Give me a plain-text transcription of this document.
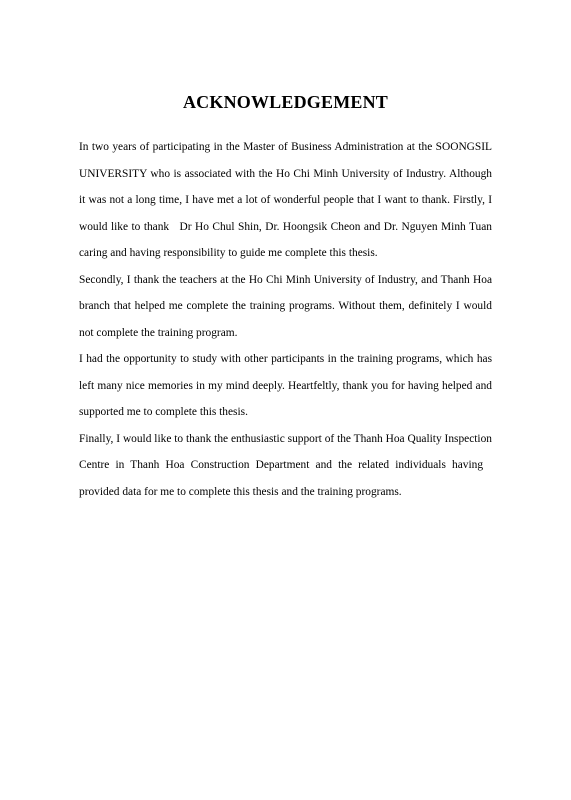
ACKNOWLEDGEMENT

In two years of participating in the Master of Business Administration at the SOONGSIL UNIVERSITY who is associated with the Ho Chi Minh University of Industry. Although it was not a long time, I have met a lot of wonderful people that I want to thank. Firstly, I would like to thank   Dr Ho Chul Shin, Dr. Hoongsik Cheon and Dr. Nguyen Minh Tuan caring and having responsibility to guide me complete this thesis.

Secondly, I thank the teachers at the Ho Chi Minh University of Industry, and Thanh Hoa branch that helped me complete the training programs. Without them, definitely I would not complete the training program.

I had the opportunity to study with other participants in the training programs, which has left many nice memories in my mind deeply. Heartfeltly, thank you for having helped and supported me to complete this thesis.

Finally, I would like to thank the enthusiastic support of the Thanh Hoa Quality Inspection Centre in Thanh Hoa Construction Department and the related individuals having   provided data for me to complete this thesis and the training programs.
